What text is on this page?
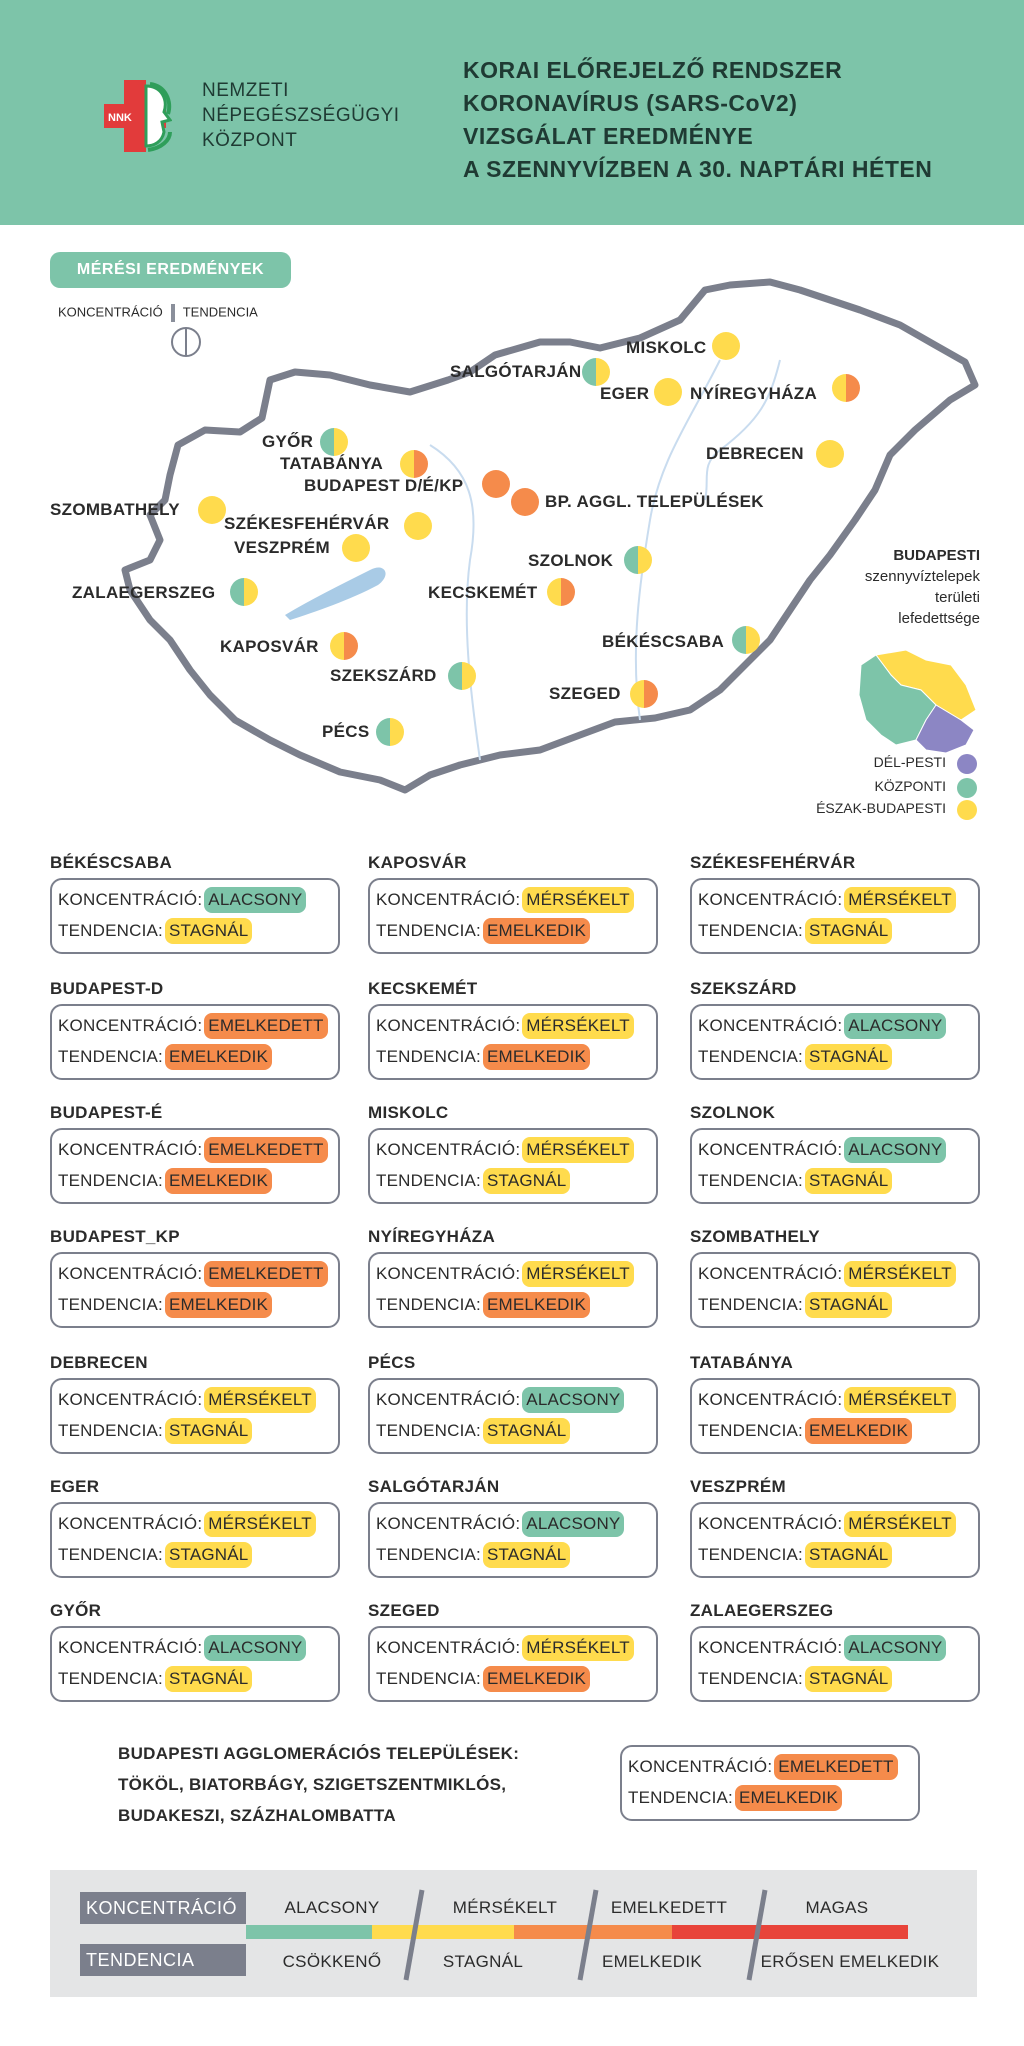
NNK
NEMZETI
NÉPEGÉSZSÉGÜGYI
KÖZPONT
KORAI ELŐREJELZŐ RENDSZER
KORONAVÍRUS (SARS-CoV2)
VIZSGÁLAT EREDMÉNYE
A SZENNYVÍZBEN A 30. NAPTÁRI HÉTEN
MÉRÉSI EREDMÉNYEK
KONCENTRÁCIÓ TENDENCIA
MISKOLC
SALGÓTARJÁN
EGER NYÍREGYHÁZA
GYŐR
TATABÁNYA
BUDAPEST D/É/KP
BP. AGGL. TELEPÜLÉSEK
DEBRECEN
SZOMBATHELY
SZÉKESFEHÉRVÁR
VESZPRÉM
SZOLNOK
ZALAEGERSZEG	KECSKEMÉT
BÉKÉSCSABA
KAPOSVÁR
SZEKSZÁRD
SZEGED
PÉCS
BUDAPESTI
szennyvíztelepek
területi
lefedettsége
DÉL-PESTI
KÖZPONTI
ÉSZAK-BUDAPESTI
BÉKÉSCSABA
KONCENTRÁCIÓ: ALACSONY
TENDENCIA: STAGNÁL
KAPOSVÁR
KONCENTRÁCIÓ: MÉRSÉKELT
TENDENCIA: EMELKEDIK
SZÉKESFEHÉRVÁR
KONCENTRÁCIÓ: MÉRSÉKELT
TENDENCIA: STAGNÁL
BUDAPEST-D
KONCENTRÁCIÓ: EMELKEDETT
TENDENCIA: EMELKEDIK
KECSKEMÉT
KONCENTRÁCIÓ: MÉRSÉKELT
TENDENCIA: EMELKEDIK
SZEKSZÁRD
KONCENTRÁCIÓ: ALACSONY
TENDENCIA: STAGNÁL
BUDAPEST-É
KONCENTRÁCIÓ: EMELKEDETT
TENDENCIA: EMELKEDIK
MISKOLC
KONCENTRÁCIÓ: MÉRSÉKELT
TENDENCIA: STAGNÁL
SZOLNOK
KONCENTRÁCIÓ: ALACSONY
TENDENCIA: STAGNÁL
BUDAPEST_KP
KONCENTRÁCIÓ: EMELKEDETT
TENDENCIA: EMELKEDIK
NYÍREGYHÁZA
KONCENTRÁCIÓ: MÉRSÉKELT
TENDENCIA: EMELKEDIK
SZOMBATHELY
KONCENTRÁCIÓ: MÉRSÉKELT
TENDENCIA: STAGNÁL
DEBRECEN
KONCENTRÁCIÓ: MÉRSÉKELT
TENDENCIA: STAGNÁL
PÉCS
KONCENTRÁCIÓ: ALACSONY
TENDENCIA: STAGNÁL
TATABÁNYA
KONCENTRÁCIÓ: MÉRSÉKELT
TENDENCIA: EMELKEDIK
EGER
KONCENTRÁCIÓ: MÉRSÉKELT
TENDENCIA: STAGNÁL
SALGÓTARJÁN
KONCENTRÁCIÓ: ALACSONY
TENDENCIA: STAGNÁL
VESZPRÉM
KONCENTRÁCIÓ: MÉRSÉKELT
TENDENCIA: STAGNÁL
GYŐR
KONCENTRÁCIÓ: ALACSONY
TENDENCIA: STAGNÁL
SZEGED
KONCENTRÁCIÓ: MÉRSÉKELT
TENDENCIA: EMELKEDIK
ZALAEGERSZEG
KONCENTRÁCIÓ: ALACSONY
TENDENCIA: STAGNÁL
BUDAPESTI AGGLOMERÁCIÓS TELEPÜLÉSEK:
TÖKÖL, BIATORBÁGY, SZIGETSZENTMIKLÓS,
BUDAKESZI, SZÁZHALOMBATTA
KONCENTRÁCIÓ: EMELKEDETT
TENDENCIA: EMELKEDIK
KONCENTRÁCIÓ
TENDENCIA
ALACSONY	MÉRSÉKELT	EMELKEDETT	MAGAS
CSÖKKENŐ	STAGNÁL	EMELKEDIK	ERŐSEN EMELKEDIK
